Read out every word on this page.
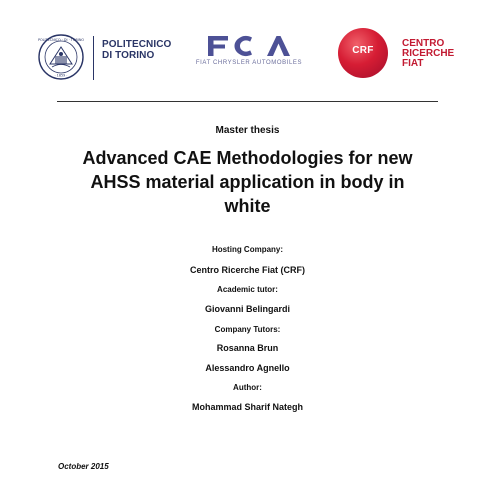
POLITECNICO · DI · TORINO
· 1859 ·
POLITECNICO
DI TORINO
FIAT CHRYSLER AUTOMOBILES
CRF
CENTRO
RICERCHE
FIAT
Master thesis
Advanced CAE Methodologies for new
AHSS material application in body in
white
Hosting Company:
Centro Ricerche Fiat (CRF)
Academic tutor:
Giovanni Belingardi
Company Tutors:
Rosanna Brun
Alessandro Agnello
Author:
Mohammad Sharif Nategh
October 2015
